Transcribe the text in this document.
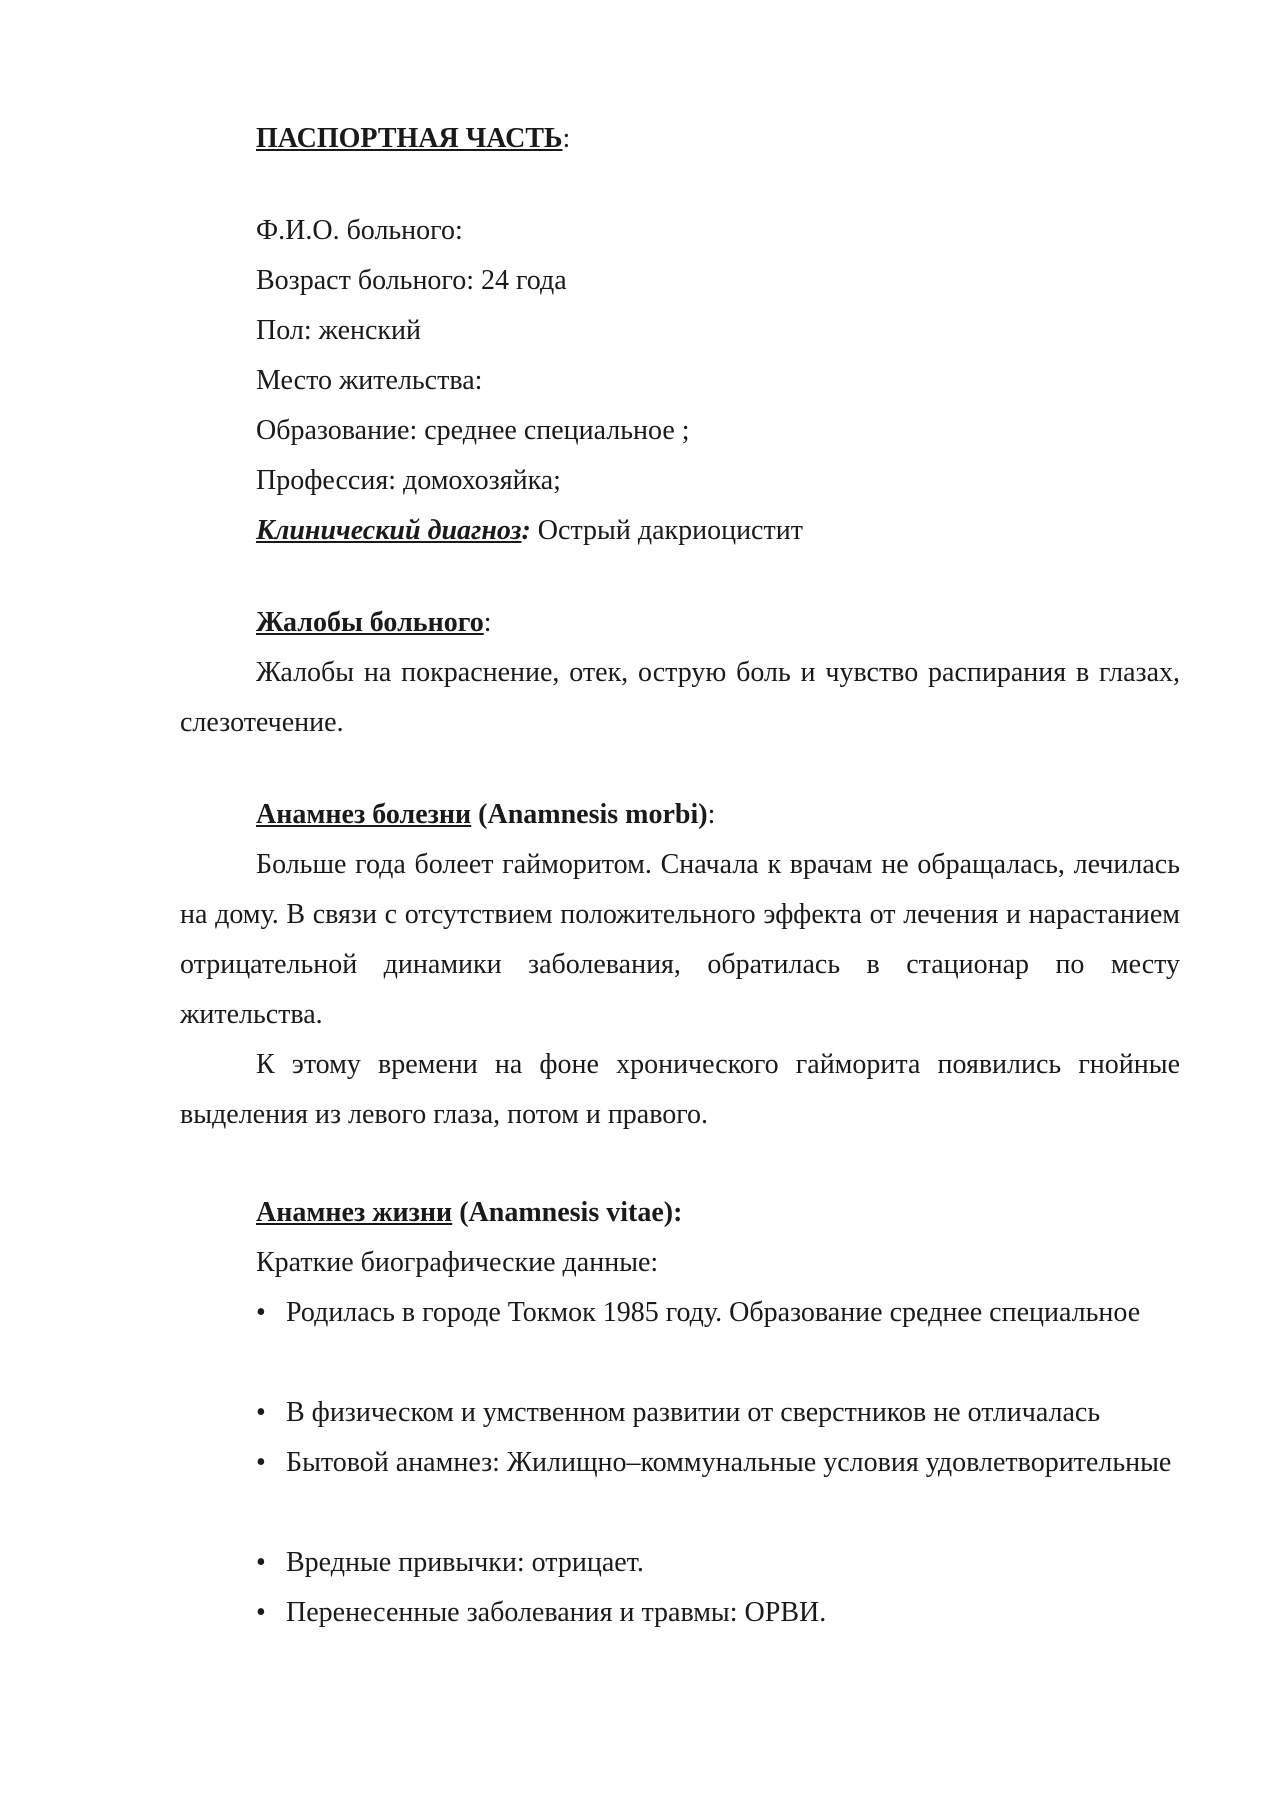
ПАСПОРТНАЯ ЧАСТЬ:
Ф.И.О. больного:
Возраст больного: 24 года
Пол: женский
Место жительства:
Образование: среднее специальное ;
Профессия: домохозяйка;
Клинический диагноз: Острый дакриоцистит
Жалобы больного:
Жалобы на покраснение, отек, острую боль и чувство распирания в глазах, слезотечение.
Анамнез болезни (Anamnesis morbi):
Больше года болеет гайморитом. Сначала к врачам не обращалась, лечилась на дому. В связи с отсутствием положительного эффекта от лечения и нарастанием отрицательной динамики заболевания, обратилась в стационар по месту жительства.
К этому времени на фоне хронического гайморита появились гнойные выделения из левого глаза, потом и правого.
Анамнез жизни (Anamnesis vitae):
Краткие биографические данные:
• Родилась в городе Токмок 1985 году. Образование среднее специальное
• В физическом и умственном развитии от сверстников не отличалась
• Бытовой анамнез: Жилищно–коммунальные условия удовлетворительные
• Вредные привычки: отрицает.
• Перенесенные заболевания и травмы: ОРВИ.
